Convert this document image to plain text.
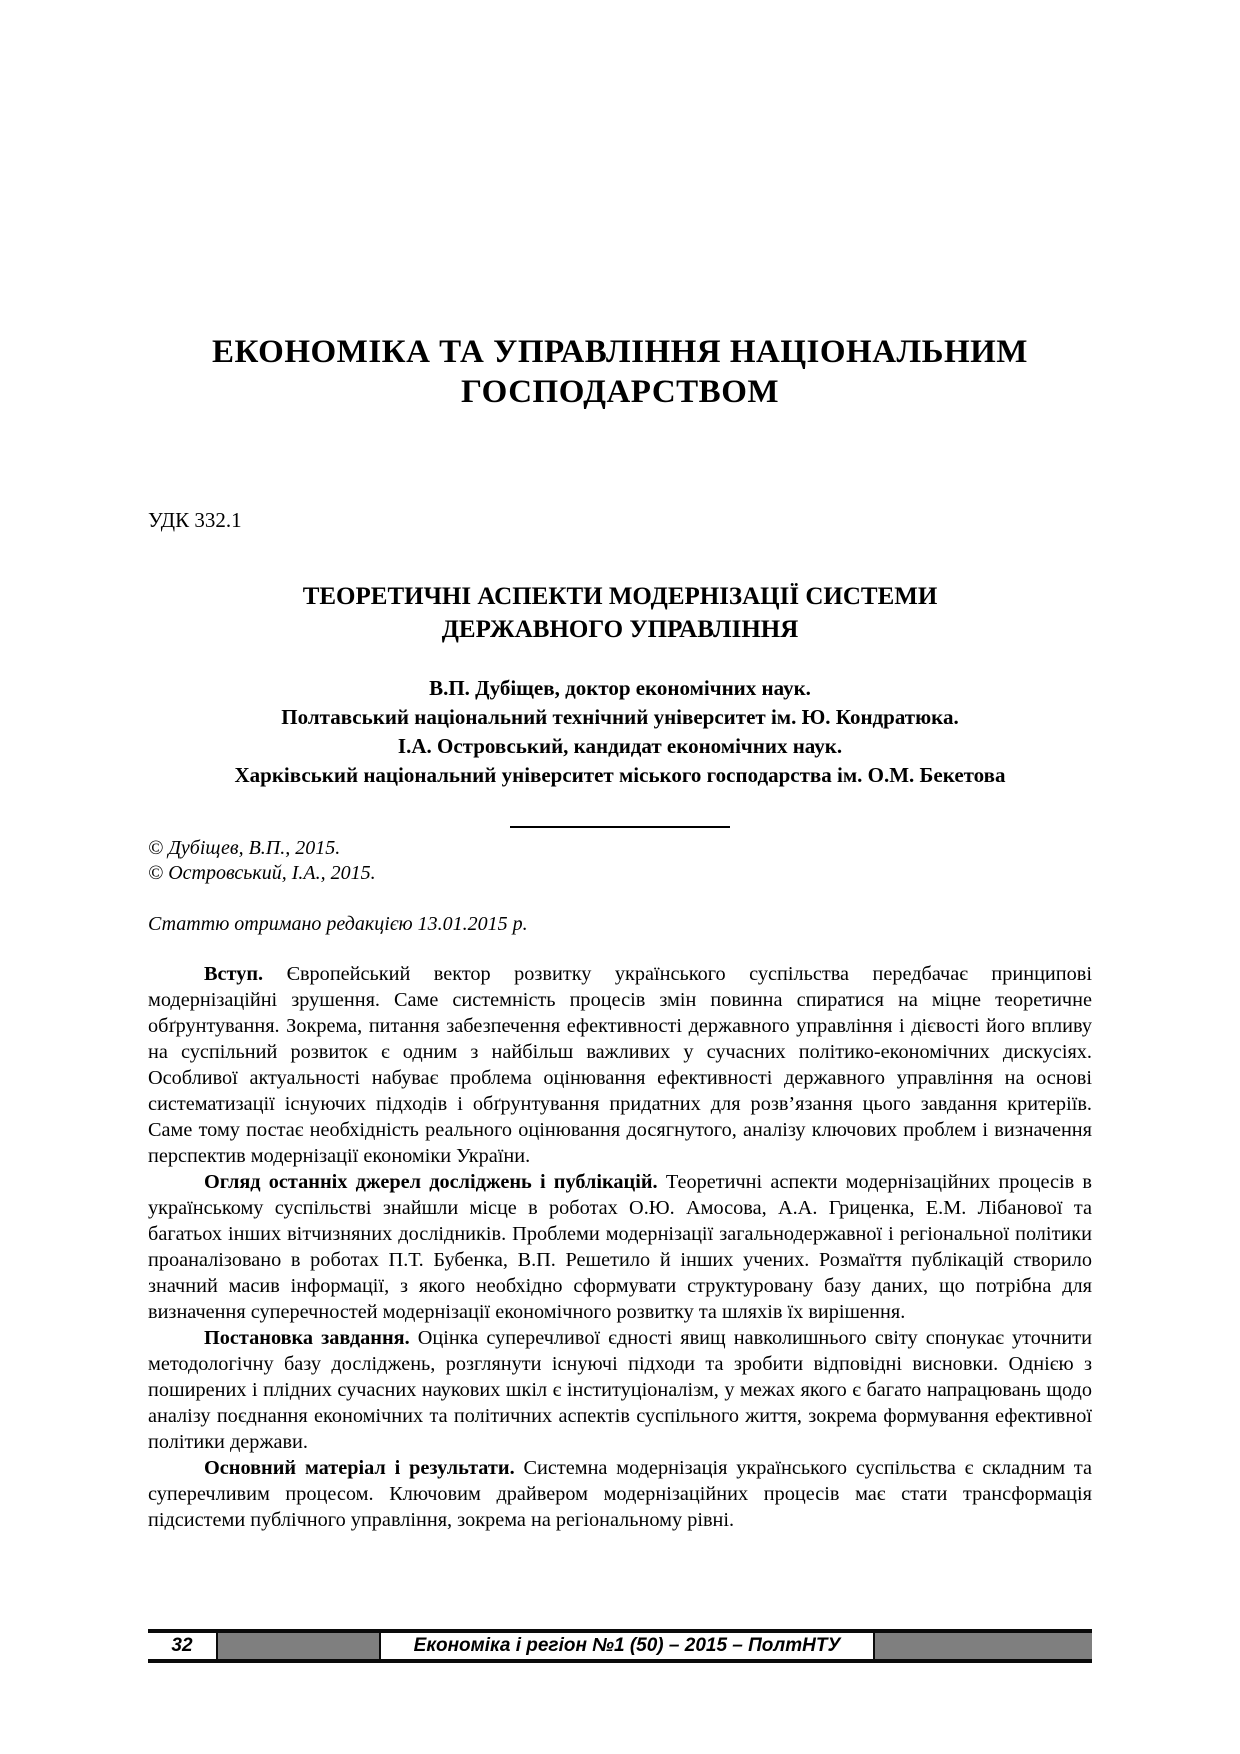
ЕКОНОМІКА ТА УПРАВЛІННЯ НАЦІОНАЛЬНИМ ГОСПОДАРСТВОМ
УДК 332.1
ТЕОРЕТИЧНІ АСПЕКТИ МОДЕРНІЗАЦІЇ СИСТЕМИ ДЕРЖАВНОГО УПРАВЛІННЯ
В.П. Дубіщев, доктор економічних наук.
Полтавський національний технічний університет ім. Ю. Кондратюка.
І.А. Островський, кандидат економічних наук.
Харківський національний університет міського господарства ім. О.М. Бекетова
© Дубіщев, В.П., 2015.
© Островський, І.А., 2015.
Статтю отримано редакцією 13.01.2015 р.

Вступ. Європейський вектор розвитку українського суспільства передбачає принципові модернізаційні зрушення. Саме системність процесів змін повинна спиратися на міцне теоретичне обґрунтування. Зокрема, питання забезпечення ефективності державного управління і дієвості його впливу на суспільний розвиток є одним з найбільш важливих у сучасних політико-економічних дискусіях. Особливої актуальності набуває проблема оцінювання ефективності державного управління на основі систематизації існуючих підходів і обґрунтування придатних для розв’язання цього завдання критеріїв. Саме тому постає необхідність реального оцінювання досягнутого, аналізу ключових проблем і визначення перспектив модернізації економіки України.

Огляд останніх джерел досліджень і публікацій. Теоретичні аспекти модернізаційних процесів в українському суспільстві знайшли місце в роботах О.Ю. Амосова, А.А. Гриценка, Е.М. Лібанової та багатьох інших вітчизняних дослідників. Проблеми модернізації загальнодержавної і регіональної політики проаналізовано в роботах П.Т. Бубенка, В.П. Решетило й інших учених. Розмаїття публікацій створило значний масив інформації, з якого необхідно сформувати структуровану базу даних, що потрібна для визначення суперечностей модернізації економічного розвитку та шляхів їх вирішення.

Постановка завдання. Оцінка суперечливої єдності явищ навколишнього світу спонукає уточнити методологічну базу досліджень, розглянути існуючі підходи та зробити відповідні висновки. Однією з поширених і плідних сучасних наукових шкіл є інституціоналізм, у межах якого є багато напрацювань щодо аналізу поєднання економічних та політичних аспектів суспільного життя, зокрема формування ефективної політики держави.

Основний матеріал і результати. Системна модернізація українського суспільства є складним та суперечливим процесом. Ключовим драйвером модернізаційних процесів має стати трансформація підсистеми публічного управління, зокрема на регіональному рівні.

32	Економіка і регіон №1 (50) – 2015 – ПолтНТУ
